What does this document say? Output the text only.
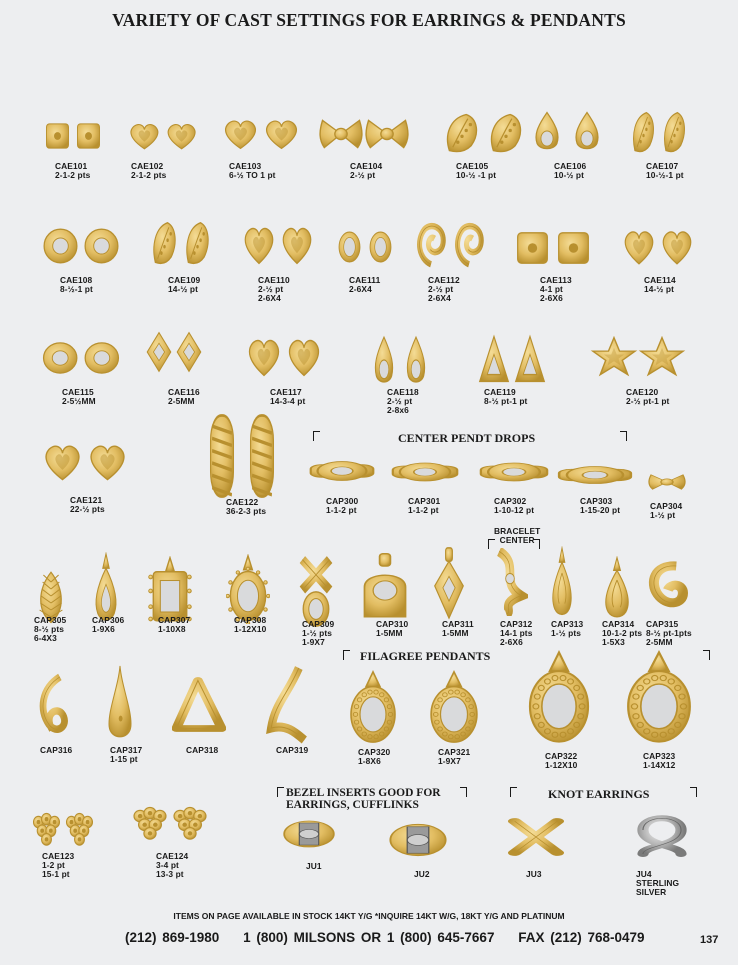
VARIETY OF CAST SETTINGS FOR EARRINGS & PENDANTS
CAE101
2-1-2 pts
CAE102
2-1-2 pts
CAE103
6-½ TO 1 pt
CAE104
2-½ pt
CAE105
10-½ -1 pt
CAE106
10-½ pt
CAE107
10-½-1 pt
CAE108
8-½-1 pt
CAE109
14-½ pt
CAE110
2-½ pt
2-6X4
CAE111
2-6X4
CAE112
2-½ pt
2-6X4
CAE113
4-1 pt
2-6X6
CAE114
14-½ pt
CAE115
2-5½MM
CAE116
2-5MM
CAE117
14-3-4 pt
CAE118
2-½ pt
2-8x6
CAE119
8-½ pt-1 pt
CAE120
2-½ pt-1 pt
CAE121
22-½ pts
CAE122
36-2-3 pts
CAP300
1-1-2 pt
CAP301
1-1-2 pt
CAP302
1-10-12 pt
CAP303
1-15-20 pt	CAP304
1-½ pt
CAP305
8-½ pts
6-4X3
CAP306
1-9X6
CAP307
1-10X8
CAP308
1-12X10
CAP309
1-½ pts
1-9X7
CAP310
1-5MM
CAP311
1-5MM
CAP312
14-1 pts
2-6X6
CAP313
1-½ pts
CAP314
10-1-2 pts
1-5X3
CAP315
8-½ pt-1pts
2-5MM
CAP316	CAP317
1-15 pt
CAP318	CAP319	CAP320
1-8X6
CAP321
1-9X7
CAP322
1-12X10
CAP323
1-14X12
CAE123
1-2 pt
15-1 pt
CAE124
3-4 pt
13-3 pt
JU1
JU2	JU3	JU4
STERLING
SILVER
CENTER PENDT DROPS
BRACELET
CENTER
FILAGREE PENDANTS
BEZEL INSERTS GOOD FOR
EARRINGS, CUFFLINKS
KNOT EARRINGS
ITEMS ON PAGE AVAILABLE IN STOCK 14KT Y/G *INQUIRE 14KT W/G, 18KT Y/G AND PLATINUM
(212) 869-1980 1 (800) MILSONS OR 1 (800) 645-7667 FAX (212) 768-0479	137
